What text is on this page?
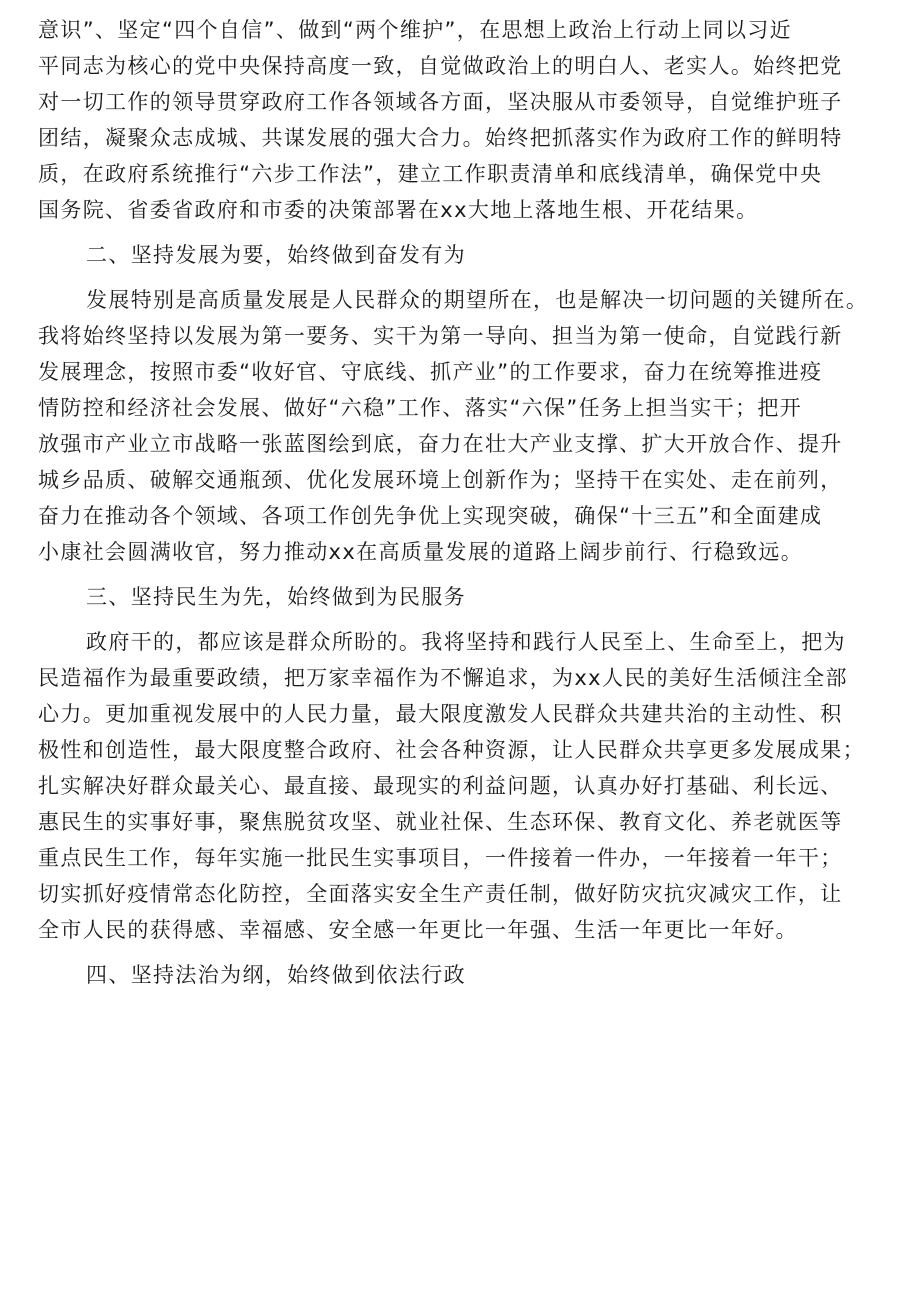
意识”、坚定“四个自信”、做到“两个维护”，在思想上政治上行动上同以习近
平同志为核心的党中央保持高度一致，自觉做政治上的明白人、老实人。始终把党
对一切工作的领导贯穿政府工作各领域各方面，坚决服从市委领导，自觉维护班子
团结，凝聚众志成城、共谋发展的强大合力。始终把抓落实作为政府工作的鲜明特
质，在政府系统推行“六步工作法”，建立工作职责清单和底线清单，确保党中央
国务院、省委省政府和市委的决策部署在xx大地上落地生根、开花结果。
二、坚持发展为要，始终做到奋发有为
发展特别是高质量发展是人民群众的期望所在，也是解决一切问题的关键所在。
我将始终坚持以发展为第一要务、实干为第一导向、担当为第一使命，自觉践行新
发展理念，按照市委“收好官、守底线、抓产业”的工作要求，奋力在统筹推进疫
情防控和经济社会发展、做好“六稳”工作、落实“六保”任务上担当实干；把开
放强市产业立市战略一张蓝图绘到底，奋力在壮大产业支撑、扩大开放合作、提升
城乡品质、破解交通瓶颈、优化发展环境上创新作为；坚持干在实处、走在前列，
奋力在推动各个领域、各项工作创先争优上实现突破，确保“十三五”和全面建成
小康社会圆满收官，努力推动xx在高质量发展的道路上阔步前行、行稳致远。
三、坚持民生为先，始终做到为民服务
政府干的，都应该是群众所盼的。我将坚持和践行人民至上、生命至上，把为
民造福作为最重要政绩，把万家幸福作为不懈追求，为xx人民的美好生活倾注全部
心力。更加重视发展中的人民力量，最大限度激发人民群众共建共治的主动性、积
极性和创造性，最大限度整合政府、社会各种资源，让人民群众共享更多发展成果；
扎实解决好群众最关心、最直接、最现实的利益问题，认真办好打基础、利长远、
惠民生的实事好事，聚焦脱贫攻坚、就业社保、生态环保、教育文化、养老就医等
重点民生工作，每年实施一批民生实事项目，一件接着一件办，一年接着一年干；
切实抓好疫情常态化防控，全面落实安全生产责任制，做好防灾抗灾减灾工作，让
全市人民的获得感、幸福感、安全感一年更比一年强、生活一年更比一年好。
四、坚持法治为纲，始终做到依法行政
